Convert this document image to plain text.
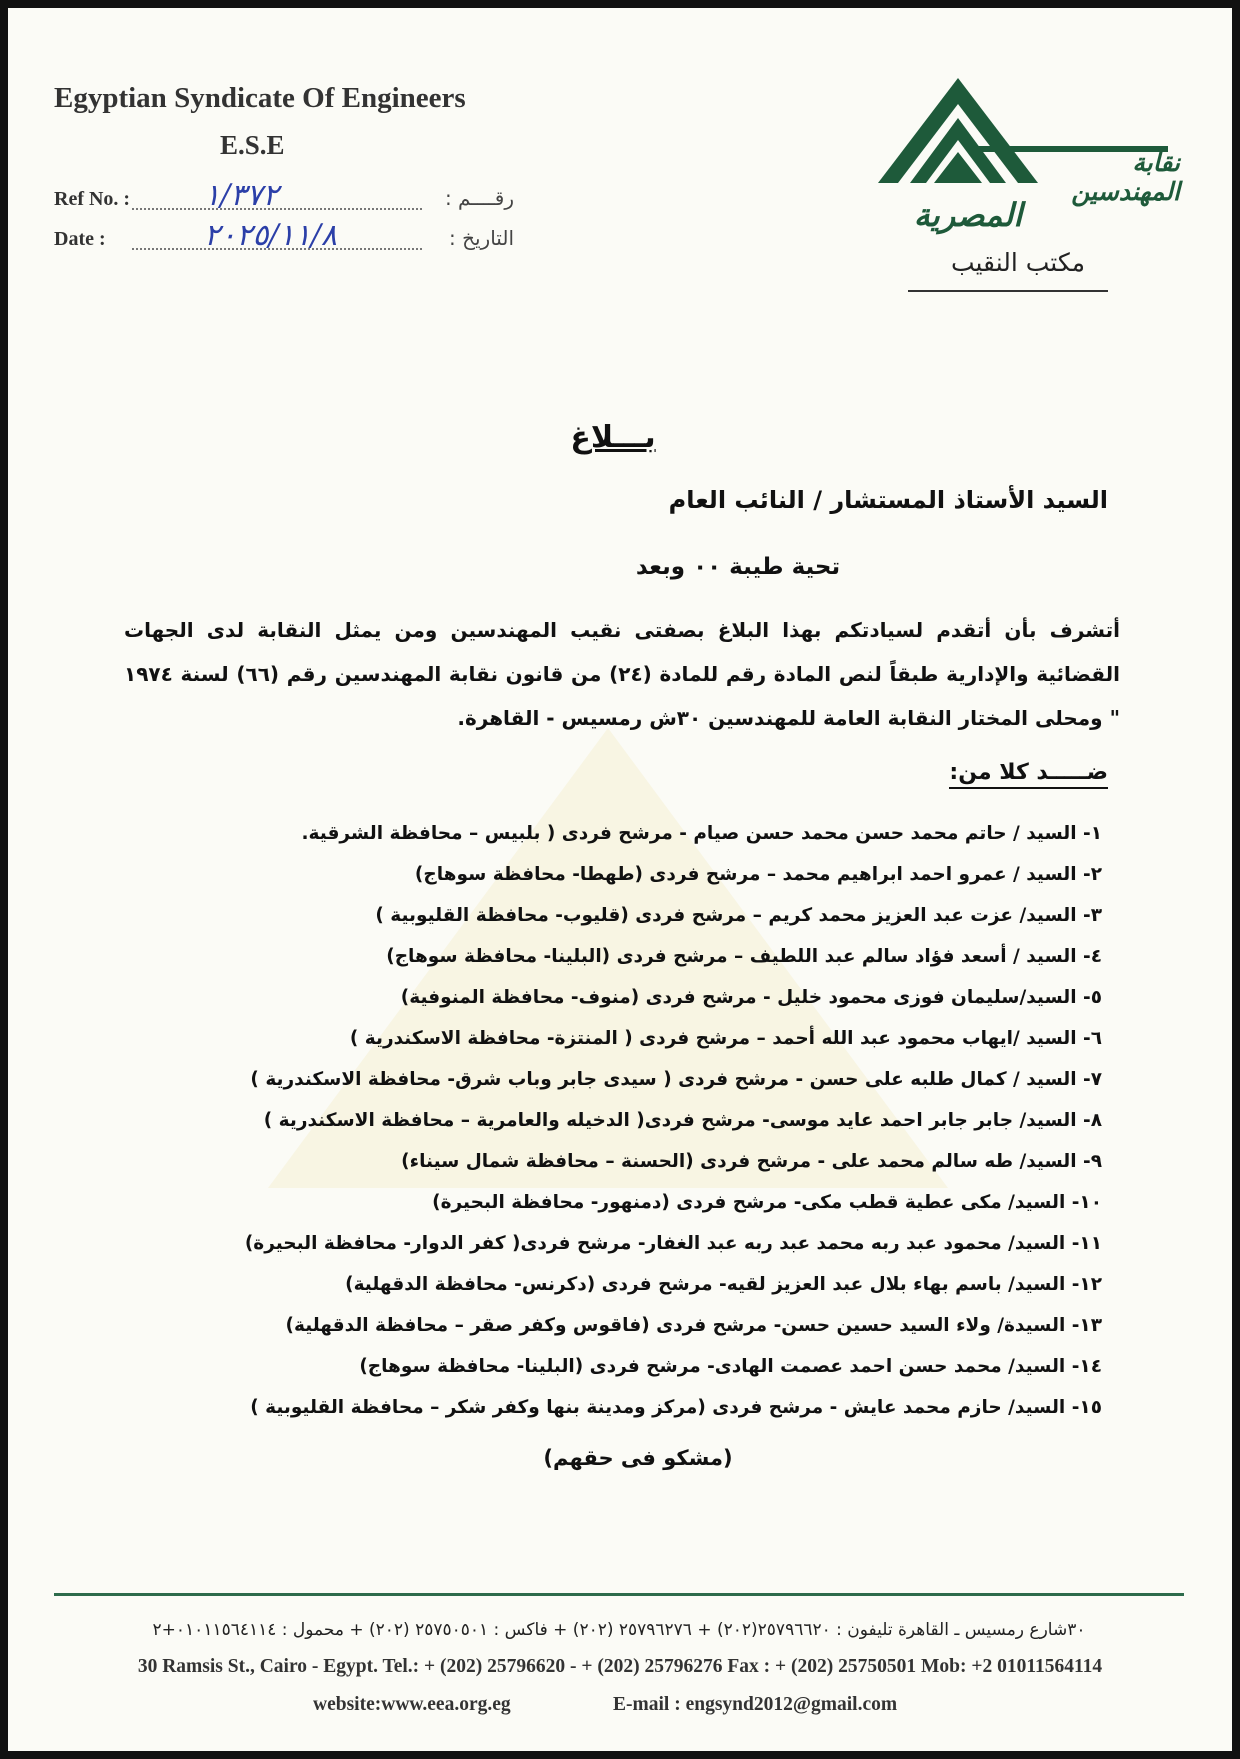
Egyptian Syndicate Of Engineers
E.S.E
Ref No. : ١/٣٧٢	رقــــم :
Date :	٢٠٢٥/١١/٨	التاريخ :
نقابة المهندسين
المصرية
مكتب النقيب
بـــلاغ
السيد الأستاذ المستشار / النائب العام
تحية طيبة ٠٠ وبعد
أتشرف بأن أتقدم لسيادتكم بهذا البلاغ بصفتى نقيب المهندسين ومن يمثل النقابة لدى الجهات القضائية والإدارية طبقاً لنص المادة رقم للمادة (٢٤) من قانون نقابة المهندسين رقم (٦٦) لسنة ١٩٧٤ " ومحلى المختار النقابة العامة للمهندسين ٣٠ش رمسيس - القاهرة.
ضـــــد كلا من:
١- السيد / حاتم محمد حسن محمد حسن صيام - مرشح فردى ( بلبيس – محافظة الشرقية.
٢- السيد / عمرو احمد ابراهيم محمد – مرشح فردى (طهطا- محافظة سوهاج)
٣- السيد/ عزت عبد العزيز محمد كريم – مرشح فردى (قليوب- محافظة القليوبية )
٤- السيد / أسعد فؤاد سالم عبد اللطيف – مرشح فردى (البلينا- محافظة سوهاج)
٥- السيد/سليمان فوزى محمود خليل - مرشح فردى (منوف- محافظة المنوفية)
٦- السيد /ايهاب محمود عبد الله أحمد – مرشح فردى ( المنتزة- محافظة الاسكندرية )
٧- السيد / كمال طلبه على حسن - مرشح فردى ( سيدى جابر وباب شرق- محافظة الاسكندرية )
٨- السيد/ جابر جابر احمد عايد موسى- مرشح فردى( الدخيله والعامرية – محافظة الاسكندرية )
٩- السيد/ طه سالم محمد على - مرشح فردى (الحسنة – محافظة شمال سيناء)
١٠- السيد/ مكى عطية قطب مكى- مرشح فردى (دمنهور- محافظة البحيرة)
١١- السيد/ محمود عبد ربه محمد عبد ربه عبد الغفار- مرشح فردى( كفر الدوار- محافظة البحيرة)
١٢- السيد/ باسم بهاء بلال عبد العزيز لقيه- مرشح فردى (دكرنس- محافظة الدقهلية)
١٣- السيدة/ ولاء السيد حسين حسن- مرشح فردى (فاقوس وكفر صقر – محافظة الدقهلية)
١٤- السيد/ محمد حسن احمد عصمت الهادى- مرشح فردى (البلينا- محافظة سوهاج)
١٥- السيد/ حازم محمد عايش - مرشح فردى (مركز ومدينة بنها وكفر شكر – محافظة القليوبية )
(مشكو فى حقهم)
٣٠شارع رمسيس ـ القاهرة تليفون : ٢٥٧٩٦٦٢٠(٢٠٢) + ٢٥٧٩٦٢٧٦ (٢٠٢) + فاكس : ٢٥٧٥٠٥٠١ (٢٠٢) + محمول : ٠١٠١١٥٦٤١١٤+٢
30 Ramsis St., Cairo - Egypt. Tel.: + (202) 25796620 - + (202) 25796276 Fax : + (202) 25750501 Mob: +2 01011564114
website:www.eea.org.eg	E-mail : engsynd2012@gmail.com
